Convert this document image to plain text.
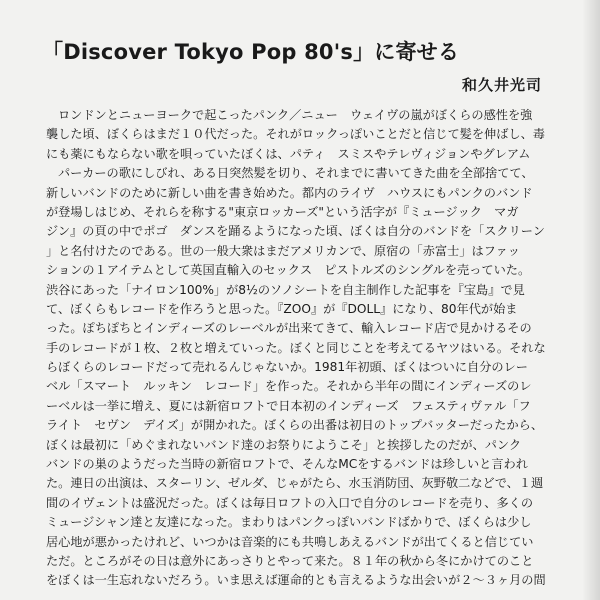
「Discover Tokyo Pop 80's」に寄せる
和久井光司
ロンドンとニューヨークで起こったパンク／ニュー　ウェイヴの嵐がぼくらの感性を強
襲した頃、ぼくらはまだ１０代だった。それがロックっぽいことだと信じて髪を伸ばし、毒
にも薬にもならない歌を唄っていたぼくは、パティ　スミスやテレヴィジョンやグレアム
パーカーの歌にしびれ、ある日突然髪を切り、それまでに書いてきた曲を全部捨てて、
新しいバンドのために新しい曲を書き始めた。都内のライヴ　ハウスにもパンクのバンド
が登場しはじめ、それらを称する"東京ロッカーズ"という活字が『ミュージック　マガ
ジン』の頁の中でポゴ　ダンスを踊るようになった頃、ぼくは自分のバンドを「スクリーン
」と名付けたのである。世の一般大衆はまだアメリカンで、原宿の「赤富士」はファッ
ションの１アイテムとして英国直輸入のセックス　ピストルズのシングルを売っていた。
渋谷にあった「ナイロン100%」が8½のソノシートを自主制作した記事を『宝島』で見
て、ぼくらもレコードを作ろうと思った。『ZOO』が『DOLL』になり、80年代が始ま
った。ぽちぽちとインディーズのレーベルが出来てきて、輸入レコード店で見かけるその
手のレコードが１枚、２枚と増えていった。ぼくと同じことを考えてるヤツはいる。それな
らぼくらのレコードだって売れるんじゃないか。1981年初頭、ぼくはついに自分のレー
ベル「スマート　ルッキン　レコード」を作った。それから半年の間にインディーズのレ
ーベルは一挙に増え、夏には新宿ロフトで日本初のインディーズ　フェスティヴァル「フ
ライト　セヴン　デイズ」が開かれた。ぼくらの出番は初日のトップバッターだったから、
ぼくは最初に「めぐまれないバンド達のお祭りにようこそ」と挨拶したのだが、パンク
バンドの巣のようだった当時の新宿ロフトで、そんなMCをするバンドは珍しいと言われ
た。連日の出演は、スターリン、ゼルダ、じゃがたら、水玉消防団、灰野敬二などで、１週
間のイヴェントは盛況だった。ぼくは毎日ロフトの入口で自分のレコードを売り、多くの
ミュージシャン達と友達になった。まわりはパンクっぽいバンドばかりで、ぼくらは少し
居心地が悪かったけれど、いつかは音楽的にも共鳴しあえるバンドが出てくると信じてい
ただ。ところがその日は意外にあっさりとやって来た。８１年の秋から冬にかけてのこと
をぼくは一生忘れないだろう。いま思えば運命的とも言えるような出会いが２～３ヶ月の間
